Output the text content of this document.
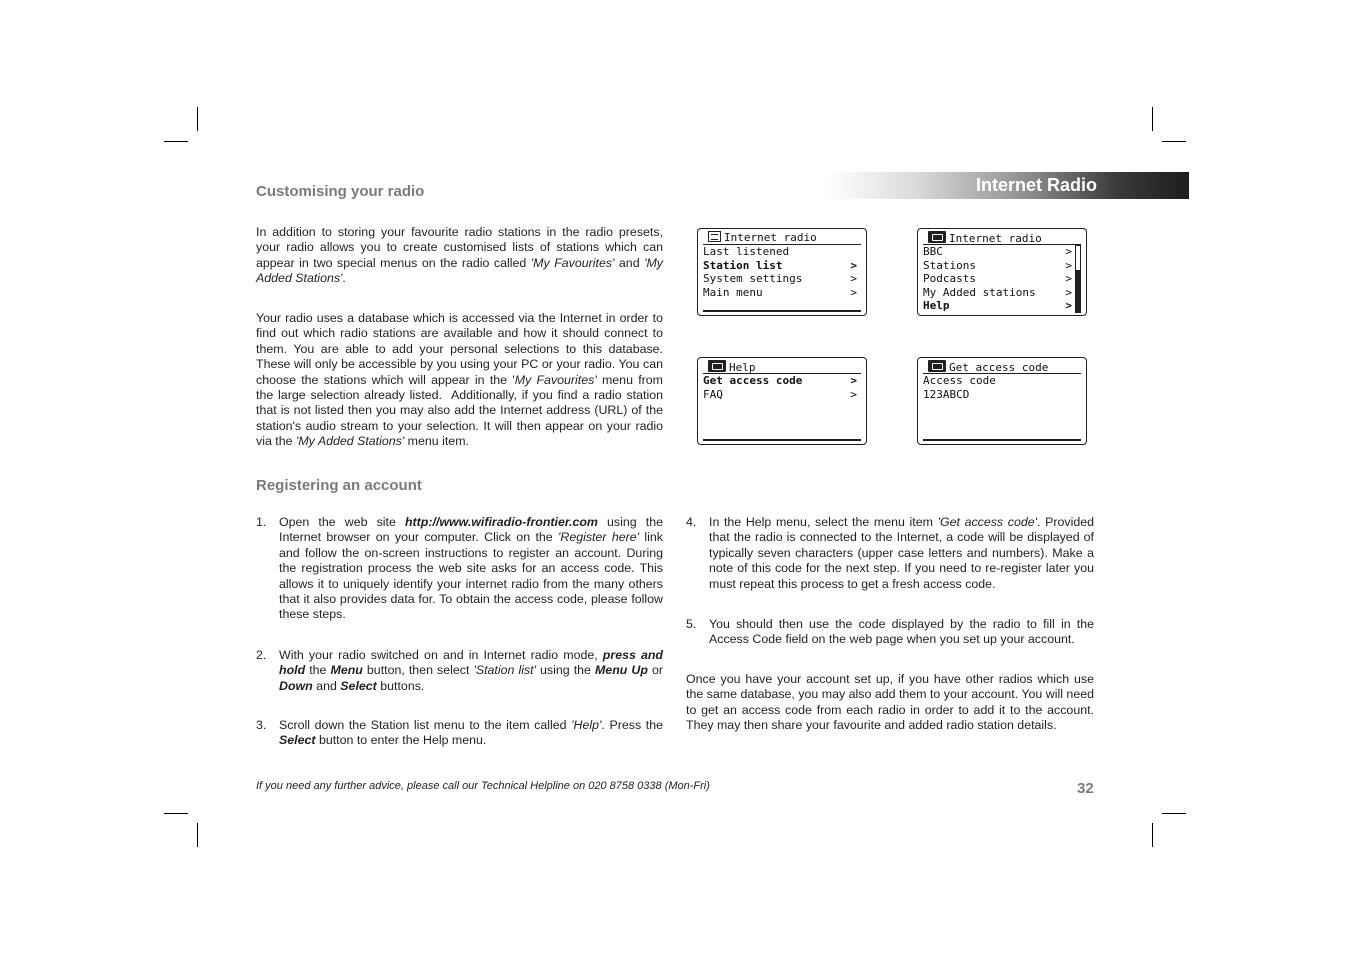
Internet Radio
Customising your radio
In addition to storing your favourite radio stations in the radio presets, your radio allows you to create customised lists of stations which can appear in two special menus on the radio called 'My Favourites' and 'My Added Stations'.
Your radio uses a database which is accessed via the Internet in order to find out which radio stations are available and how it should connect to them. You are able to add your personal selections to this database. These will only be accessible by you using your PC or your radio. You can choose the stations which will appear in the 'My Favourites' menu from the large selection already listed.  Additionally, if you find a radio station that is not listed then you may also add the Internet address (URL) of the station's audio stream to your selection. It will then appear on your radio via the 'My Added Stations' menu item.
Registering an account
1. Open the web site http://www.wifiradio-frontier.com using the Internet browser on your computer. Click on the 'Register here' link and follow the on-screen instructions to register an account. During the registration process the web site asks for an access code. This allows it to uniquely identify your internet radio from the many others that it also provides data for. To obtain the access code, please follow these steps.
2. With your radio switched on and in Internet radio mode, press and hold the Menu button, then select 'Station list' using the Menu Up or Down and Select buttons.
3. Scroll down the Station list menu to the item called 'Help'. Press the Select button to enter the Help menu.
4. In the Help menu, select the menu item 'Get access code'. Provided that the radio is connected to the Internet, a code will be displayed of typically seven characters (upper case letters and numbers). Make a note of this code for the next step. If you need to re-register later you must repeat this process to get a fresh access code.
5. You should then use the code displayed by the radio to fill in the Access Code field on the web page when you set up your account.
Once you have your account set up, if you have other radios which use the same database, you may also add them to your account. You will need to get an access code from each radio in order to add it to the account. They may then share your favourite and added radio station details.
Internet radio
Last listened
Station list	>
System settings	>
Main menu	>
Internet radio
BBC	>
Stations	>
Podcasts	>
My Added stations	>
Help	>
Help
Get access code	>
FAQ	>
Get access code
Access code
123ABCD
If you need any further advice, please call our Technical Helpline on 020 8758 0338 (Mon-Fri)	32
